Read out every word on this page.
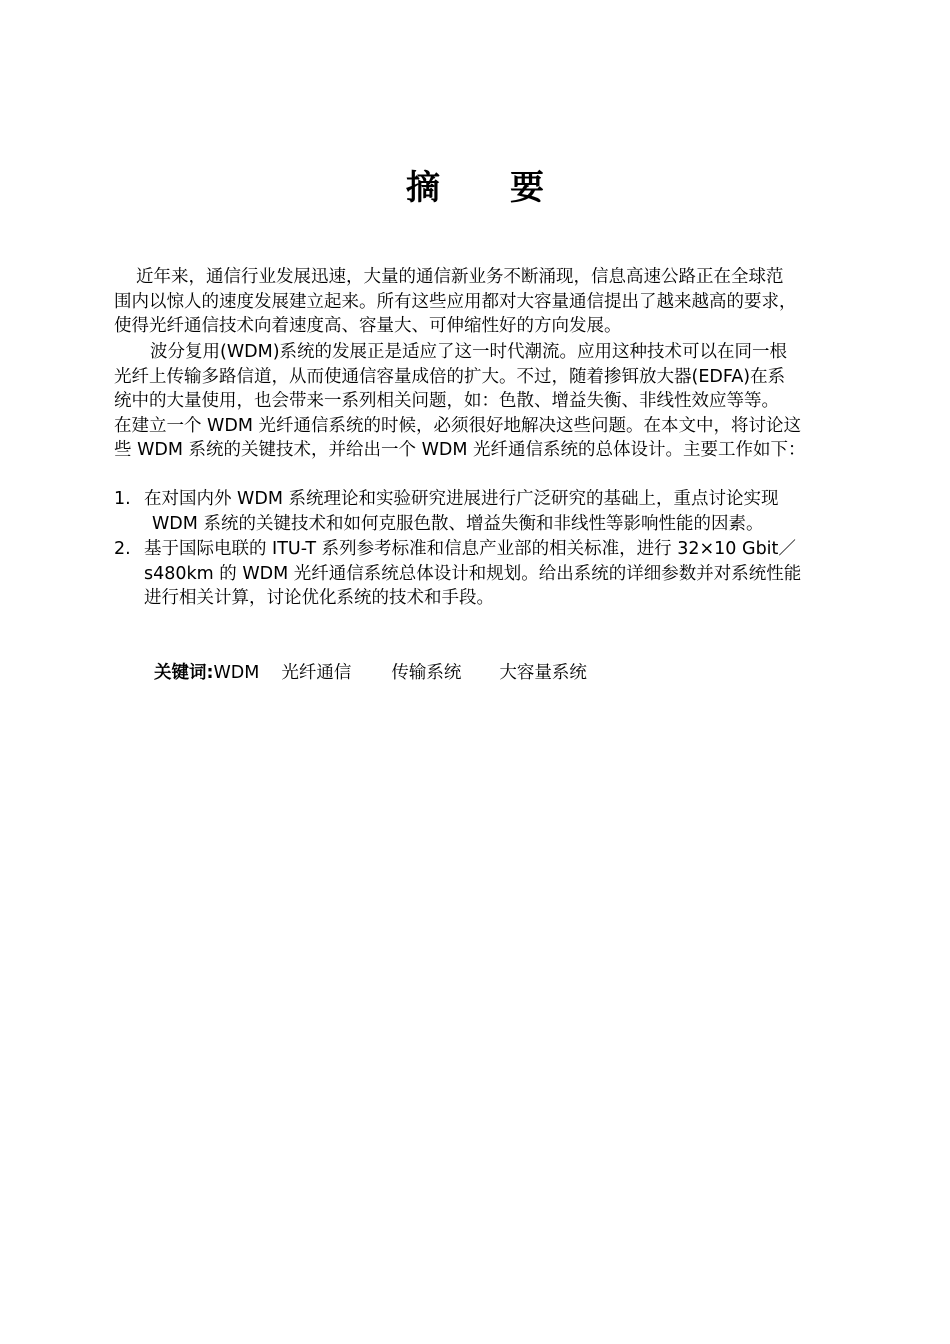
摘 要
近年来，通信行业发展迅速，大量的通信新业务不断涌现，信息高速公路正在全球范
围内以惊人的速度发展建立起来。所有这些应用都对大容量通信提出了越来越高的要求，
使得光纤通信技术向着速度高、容量大、可伸缩性好的方向发展。
波分复用(WDM)系统的发展正是适应了这一时代潮流。应用这种技术可以在同一根
光纤上传输多路信道，从而使通信容量成倍的扩大。不过，随着掺铒放大器(EDFA)在系
统中的大量使用，也会带来一系列相关问题，如：色散、增益失衡、非线性效应等等。
在建立一个 WDM 光纤通信系统的时候，必须很好地解决这些问题。在本文中，将讨论这
些 WDM 系统的关键技术，并给出一个 WDM 光纤通信系统的总体设计。主要工作如下：
1. 在对国内外 WDM 系统理论和实验研究进展进行广泛研究的基础上，重点讨论实现
WDM 系统的关键技术和如何克服色散、增益失衡和非线性等影响性能的因素。
2. 基于国际电联的 ITU-T 系列参考标准和信息产业部的相关标准，进行 32×10 Gbit／
s480km 的 WDM 光纤通信系统总体设计和规划。给出系统的详细参数并对系统性能
进行相关计算，讨论优化系统的技术和手段。
关键词:WDM 光纤通信 传输系统 大容量系统
